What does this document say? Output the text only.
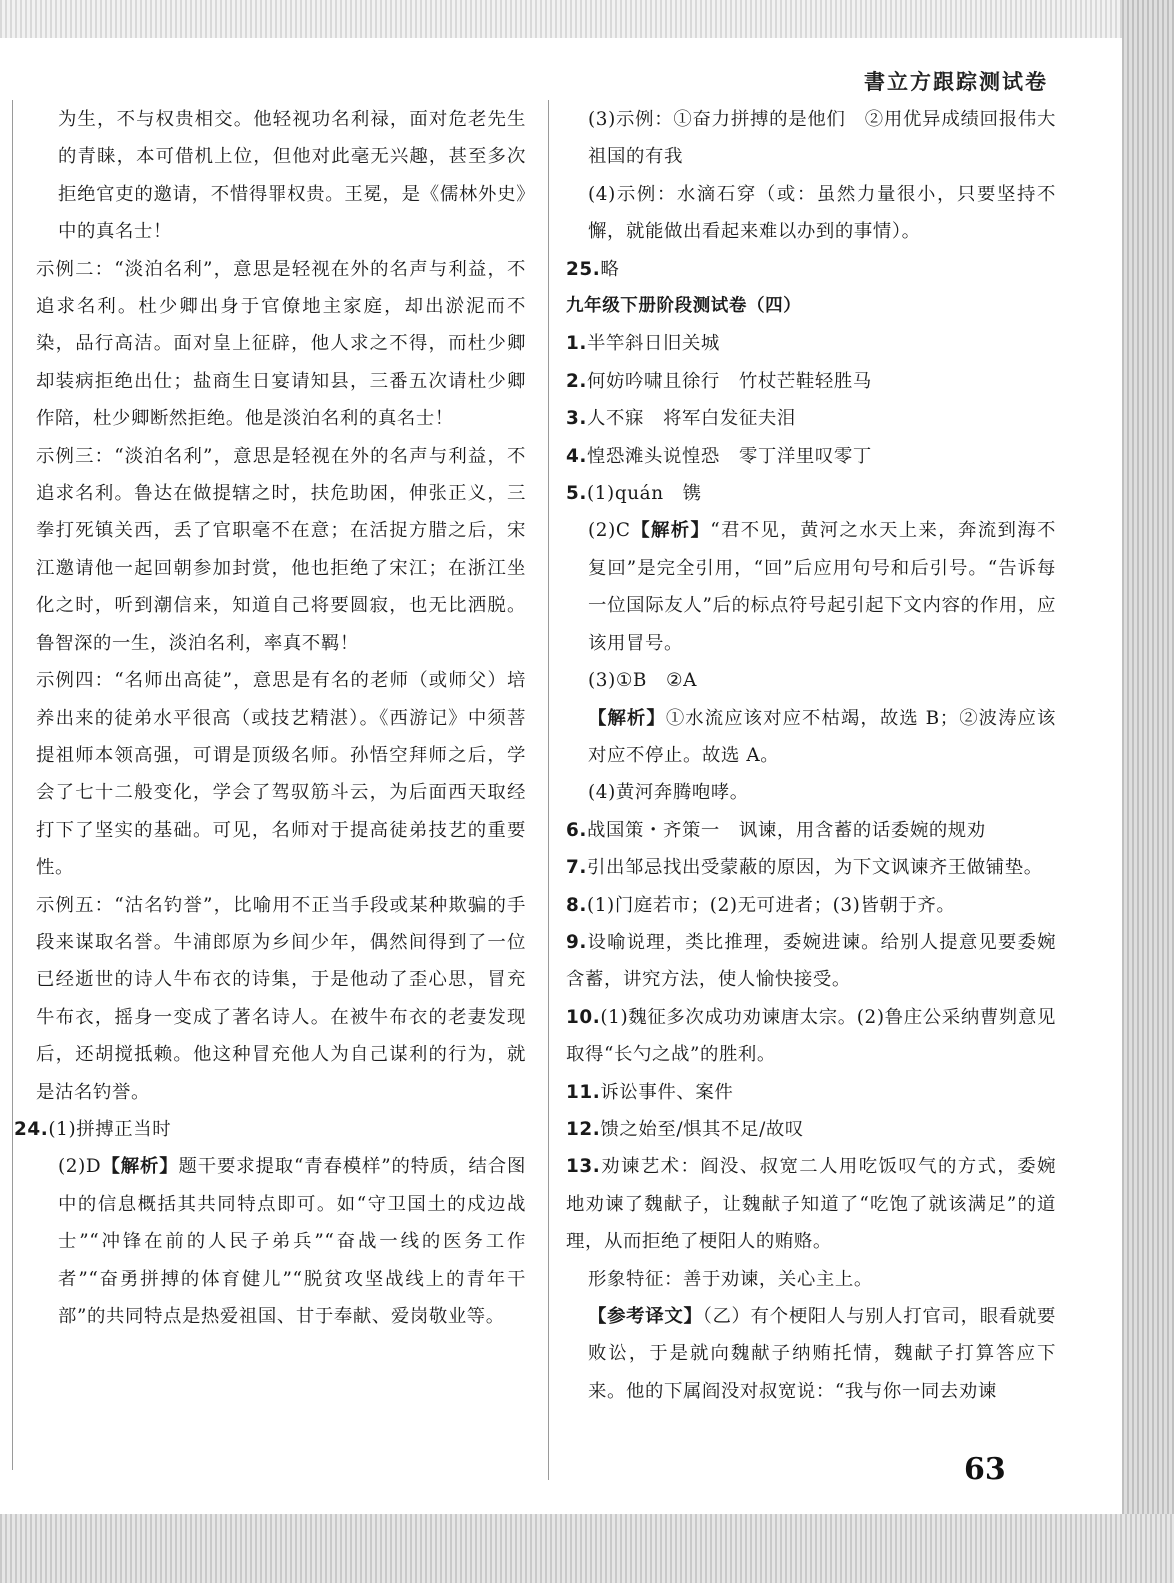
書立方跟踪测试卷

为生，不与权贵相交。他轻视功名利禄，面对危老先生的青睐，本可借机上位，但他对此毫无兴趣，甚至多次拒绝官吏的邀请，不惜得罪权贵。王冕，是《儒林外史》中的真名士！

示例二：“淡泊名利”，意思是轻视在外的名声与利益，不追求名利。杜少卿出身于官僚地主家庭，却出淤泥而不染，品行高洁。面对皇上征辟，他人求之不得，而杜少卿却装病拒绝出仕；盐商生日宴请知县，三番五次请杜少卿作陪，杜少卿断然拒绝。他是淡泊名利的真名士！

示例三：“淡泊名利”，意思是轻视在外的名声与利益，不追求名利。鲁达在做提辖之时，扶危助困，伸张正义，三拳打死镇关西，丢了官职毫不在意；在活捉方腊之后，宋江邀请他一起回朝参加封赏，他也拒绝了宋江；在浙江坐化之时，听到潮信来，知道自己将要圆寂，也无比洒脱。鲁智深的一生，淡泊名利，率真不羁！

示例四：“名师出高徒”，意思是有名的老师（或师父）培养出来的徒弟水平很高（或技艺精湛）。《西游记》中须菩提祖师本领高强，可谓是顶级名师。孙悟空拜师之后，学会了七十二般变化，学会了驾驭筋斗云，为后面西天取经打下了坚实的基础。可见，名师对于提高徒弟技艺的重要性。

示例五：“沽名钓誉”，比喻用不正当手段或某种欺骗的手段来谋取名誉。牛浦郎原为乡间少年，偶然间得到了一位已经逝世的诗人牛布衣的诗集，于是他动了歪心思，冒充牛布衣，摇身一变成了著名诗人。在被牛布衣的老妻发现后，还胡搅抵赖。他这种冒充他人为自己谋利的行为，就是沽名钓誉。

24.(1)拼搏正当时

(2)D【解析】题干要求提取“青春模样”的特质，结合图中的信息概括其共同特点即可。如“守卫国土的戍边战士”“冲锋在前的人民子弟兵”“奋战一线的医务工作者”“奋勇拼搏的体育健儿”“脱贫攻坚战线上的青年干部”的共同特点是热爱祖国、甘于奉献、爱岗敬业等。

(3)示例：①奋力拼搏的是他们　②用优异成绩回报伟大祖国的有我

(4)示例：水滴石穿（或：虽然力量很小，只要坚持不懈，就能做出看起来难以办到的事情）。

25.略

九年级下册阶段测试卷（四）

1.半竿斜日旧关城

2.何妨吟啸且徐行　竹杖芒鞋轻胜马

3.人不寐　将军白发征夫泪

4.惶恐滩头说惶恐　零丁洋里叹零丁

5.(1)quán　镌

(2)C【解析】“君不见，黄河之水天上来，奔流到海不复回”是完全引用，“回”后应用句号和后引号。“告诉每一位国际友人”后的标点符号起引起下文内容的作用，应该用冒号。

(3)①B　②A

【解析】①水流应该对应不枯竭，故选 B；②波涛应该对应不停止。故选 A。

(4)黄河奔腾咆哮。

6.战国策・齐策一　讽谏，用含蓄的话委婉的规劝

7.引出邹忌找出受蒙蔽的原因，为下文讽谏齐王做铺垫。

8.(1)门庭若市；(2)无可进者；(3)皆朝于齐。

9.设喻说理，类比推理，委婉进谏。给别人提意见要委婉含蓄，讲究方法，使人愉快接受。

10.(1)魏征多次成功劝谏唐太宗。(2)鲁庄公采纳曹刿意见取得“长勺之战”的胜利。

11.诉讼事件、案件

12.馈之始至/惧其不足/故叹

13.劝谏艺术：阎没、叔宽二人用吃饭叹气的方式，委婉地劝谏了魏献子，让魏献子知道了“吃饱了就该满足”的道理，从而拒绝了梗阳人的贿赂。

形象特征：善于劝谏，关心主上。

【参考译文】（乙）有个梗阳人与别人打官司，眼看就要败讼，于是就向魏献子纳贿托情，魏献子打算答应下来。他的下属阎没对叔宽说：“我与你一同去劝谏

63
